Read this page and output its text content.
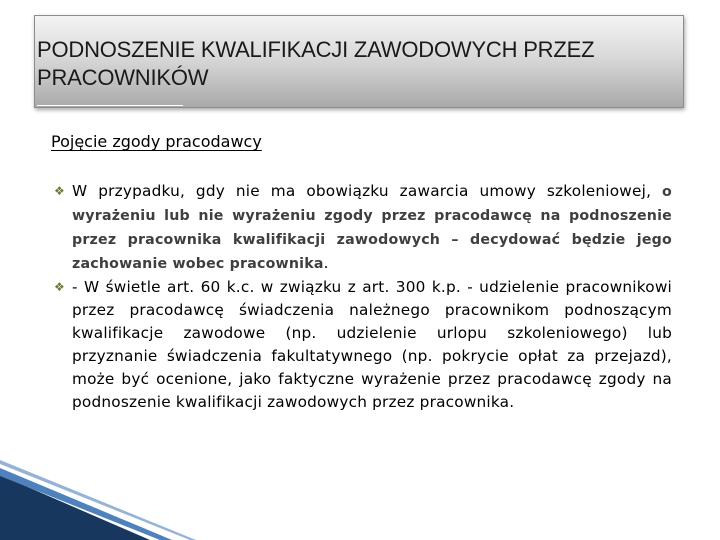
PODNOSZENIE KWALIFIKACJI ZAWODOWYCH PRZEZ
PRACOWNIKÓW
Pojęcie zgody pracodawcy
❖ W przypadku, gdy nie ma obowiązku zawarcia umowy szkoleniowej, o wyrażeniu lub nie wyrażeniu zgody przez pracodawcę na podnoszenie przez pracownika kwalifikacji zawodowych – decydować będzie jego zachowanie wobec pracownika.
❖ - W świetle art. 60 k.c. w związku z art. 300 k.p. - udzielenie pracownikowi przez pracodawcę świadczenia należnego pracownikom podnoszącym kwalifikacje zawodowe (np. udzielenie urlopu szkoleniowego) lub przyznanie świadczenia fakultatywnego (np. pokrycie opłat za przejazd), może być ocenione, jako faktyczne wyrażenie przez pracodawcę zgody na podnoszenie kwalifikacji zawodowych przez pracownika.
